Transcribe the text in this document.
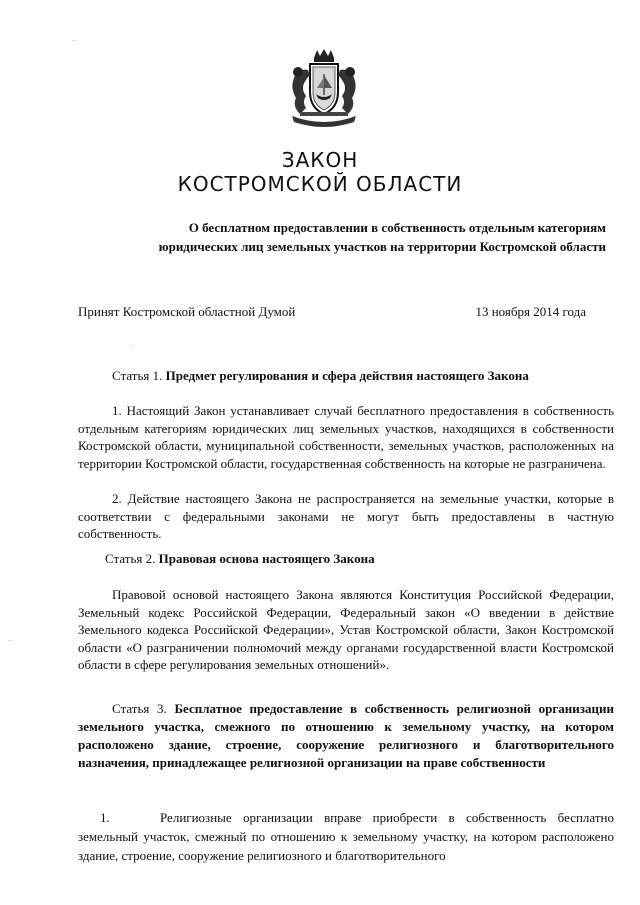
ЗАКОН
КОСТРОМСКОЙ ОБЛАСТИ
О бесплатном предоставлении в собственность отдельным категориям
юридических лиц земельных участков на территории Костромской области
Принят Костромской областной Думой	13 ноября 2014 года
Статья 1. Предмет регулирования и сфера действия настоящего Закона
1. Настоящий Закон устанавливает случай бесплатного предоставления в собственность отдельным категориям юридических лиц земельных участков, находящихся в собственности Костромской области, муниципальной собственности, земельных участков, расположенных на территории Костромской области, государственная собственность на которые не разграничена.
2. Действие настоящего Закона не распространяется на земельные участки, которые в соответствии с федеральными законами не могут быть предоставлены в частную собственность.
Статья 2. Правовая основа настоящего Закона
Правовой основой настоящего Закона являются Конституция Российской Федерации, Земельный кодекс Российской Федерации, Федеральный закон «О введении в действие Земельного кодекса Российской Федерации», Устав Костромской области, Закон Костромской области «О разграничении полномочий между органами государственной власти Костромской области в сфере регулирования земельных отношений».
Статья 3. Бесплатное предоставление в собственность религиозной организации земельного участка, смежного по отношению к земельному участку, на котором расположено здание, строение, сооружение религиозного и благотворительного назначения, принадлежащее религиозной организации на праве собственности
1.	Религиозные организации вправе приобрести в собственность бесплатно земельный участок, смежный по отношению к земельному участку, на котором расположено здание, строение, сооружение религиозного и благотворительного
·
ˈ
·
